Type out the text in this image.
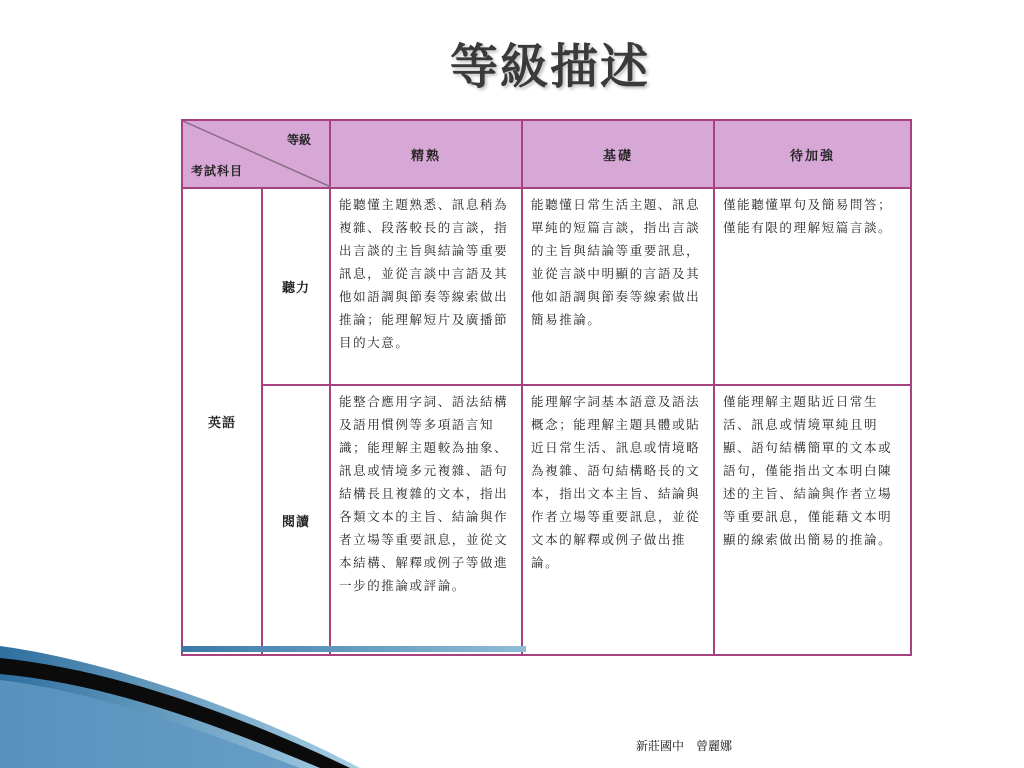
等級描述
等級
考試科目		精熟	基礎	待加強
英語	聽力	能聽懂主題熟悉、訊息稍為複雜、段落較長的言談，指出言談的主旨與結論等重要訊息，並從言談中言語及其他如語調與節奏等線索做出推論；能理解短片及廣播節目的大意。	能聽懂日常生活主題、訊息單純的短篇言談，指出言談的主旨與結論等重要訊息，並從言談中明顯的言語及其他如語調與節奏等線索做出簡易推論。	僅能聽懂單句及簡易問答；僅能有限的理解短篇言談。
	閱讀	能整合應用字詞、語法結構及語用慣例等多項語言知識；能理解主題較為抽象、訊息或情境多元複雜、語句結構長且複雜的文本，指出各類文本的主旨、結論與作者立場等重要訊息，並從文本結構、解釋或例子等做進一步的推論或評論。	能理解字詞基本語意及語法概念；能理解主題具體或貼近日常生活、訊息或情境略為複雜、語句結構略長的文本，指出文本主旨、結論與作者立場等重要訊息，並從文本的解釋或例子做出推論。	僅能理解主題貼近日常生活、訊息或情境單純且明顯、語句結構簡單的文本或語句，僅能指出文本明白陳述的主旨、結論與作者立場等重要訊息，僅能藉文本明顯的線索做出簡易的推論。
新莊國中　曾麗娜
